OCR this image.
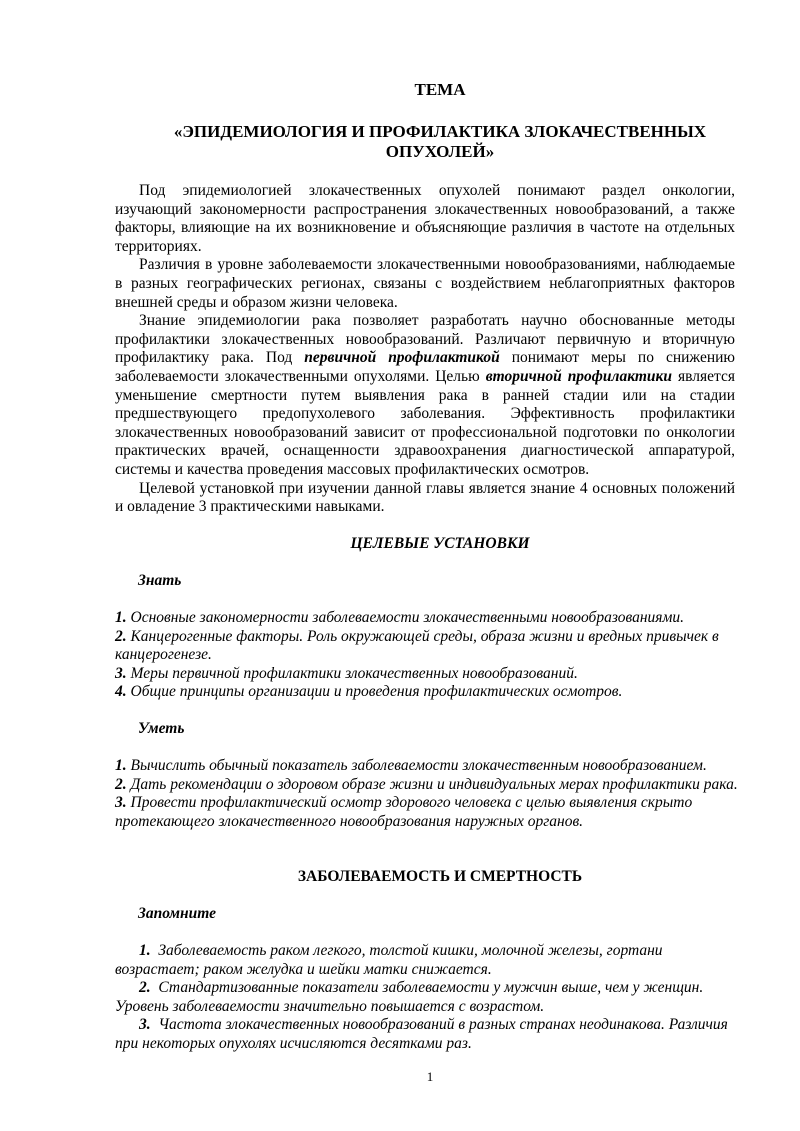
ТЕМА
«ЭПИДЕМИОЛОГИЯ И ПРОФИЛАКТИКА ЗЛОКАЧЕСТВЕННЫХ
ОПУХОЛЕЙ»

Под эпидемиологией злокачественных опухолей понимают раздел онкологии, изучающий закономерности распространения злокачественных новообразований, а также факторы, влияющие на их возникновение и объясняющие различия в частоте на отдельных территориях.

Различия в уровне заболеваемости злокачественными новообразованиями, наблюдаемые в разных географических регионах, связаны с воздействием неблагоприятных факторов внешней среды и образом жизни человека.

Знание эпидемиологии рака позволяет разработать научно обоснованные методы профилактики злокачественных новообразований. Различают первичную и вторичную профилактику рака. Под первичной профилактикой понимают меры по снижению заболеваемости злокачественными опухолями. Целью вторичной профилактики является уменьшение смертности путем выявления рака в ранней стадии или на стадии предшествующего предопухолевого заболевания. Эффективность профилактики злокачественных новообразований зависит от профессиональной подготовки по онкологии практических врачей, оснащенности здравоохранения диагностической аппаратурой, системы и качества проведения массовых профилактических осмотров.

Целевой установкой при изучении данной главы является знание 4 основных положений и овладение 3 практическими навыками.

ЦЕЛЕВЫЕ УСТАНОВКИ
Знать
1. Основные закономерности заболеваемости злокачественными новообразованиями.
2. Канцерогенные факторы. Роль окружающей среды, образа жизни и вредных привычек в канцерогенезе.
3. Меры первичной профилактики злокачественных новообразований.
4. Общие принципы организации и проведения профилактических осмотров.
Уметь
1. Вычислить обычный показатель заболеваемости злокачественным новообразованием.
2. Дать рекомендации о здоровом образе жизни и индивидуальных мерах профилактики рака.
3. Провести профилактический осмотр здорового человека с целью выявления скрыто протекающего злокачественного новообразования наружных органов.
ЗАБОЛЕВАЕМОСТЬ И СМЕРТНОСТЬ
Запомните
1. Заболеваемость раком легкого, толстой кишки, молочной железы, гортани возрастает; раком желудка и шейки матки снижается.
2. Стандартизованные показатели заболеваемости у мужчин выше, чем у женщин. Уровень заболеваемости значительно повышается с возрастом.
3. Частота злокачественных новообразований в разных странах неодинакова. Различия при некоторых опухолях исчисляются десятками раз.
1
